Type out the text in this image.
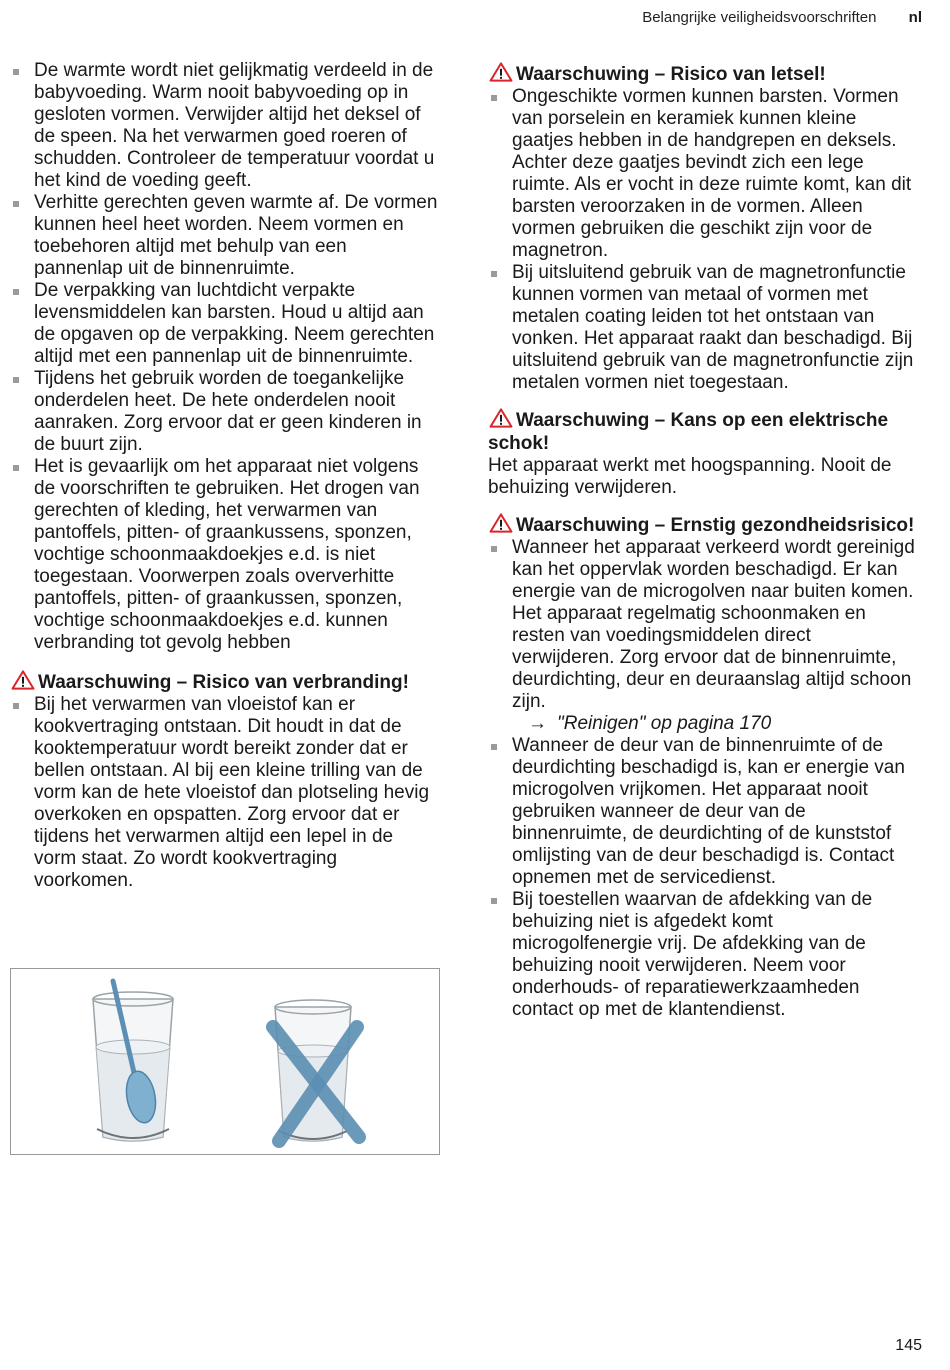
Belangrijke veiligheidsvoorschriften nl
De warmte wordt niet gelijkmatig verdeeld in de babyvoeding. Warm nooit babyvoeding op in gesloten vormen. Verwijder altijd het deksel of de speen. Na het verwarmen goed roeren of schudden. Controleer de temperatuur voordat u het kind de voeding geeft.
Verhitte gerechten geven warmte af. De vormen kunnen heel heet worden. Neem vormen en toebehoren altijd met behulp van een pannenlap uit de binnenruimte.
De verpakking van luchtdicht verpakte levensmiddelen kan barsten. Houd u altijd aan de opgaven op de verpakking. Neem gerechten altijd met een pannenlap uit de binnenruimte.
Tijdens het gebruik worden de toegankelijke onderdelen heet. De hete onderdelen nooit aanraken. Zorg ervoor dat er geen kinderen in de buurt zijn.
Het is gevaarlijk om het apparaat niet volgens de voorschriften te gebruiken. Het drogen van gerechten of kleding, het verwarmen van pantoffels, pitten- of graankussens, sponzen, vochtige schoonmaakdoekjes e.d. is niet toegestaan. Voorwerpen zoals oververhitte pantoffels, pitten- of graankussen, sponzen, vochtige schoonmaakdoekjes e.d. kunnen verbranding tot gevolg hebben
Waarschuwing – Risico van verbranding!
Bij het verwarmen van vloeistof kan er kookvertraging ontstaan. Dit houdt in dat de kooktemperatuur wordt bereikt zonder dat er bellen ontstaan. Al bij een kleine trilling van de vorm kan de hete vloeistof dan plotseling hevig overkoken en opspatten. Zorg ervoor dat er tijdens het verwarmen altijd een lepel in de vorm staat. Zo wordt kookvertraging voorkomen.
Waarschuwing – Risico van letsel!
Ongeschikte vormen kunnen barsten. Vormen van porselein en keramiek kunnen kleine gaatjes hebben in de handgrepen en deksels. Achter deze gaatjes bevindt zich een lege ruimte. Als er vocht in deze ruimte komt, kan dit barsten veroorzaken in de vormen. Alleen vormen gebruiken die geschikt zijn voor de magnetron.
Bij uitsluitend gebruik van de magnetronfunctie kunnen vormen van metaal of vormen met metalen coating leiden tot het ontstaan van vonken. Het apparaat raakt dan beschadigd. Bij uitsluitend gebruik van de magnetronfunctie zijn metalen vormen niet toegestaan.
Waarschuwing – Kans op een elektrische schok!
Het apparaat werkt met hoogspanning. Nooit de behuizing verwijderen.
Waarschuwing – Ernstig gezondheidsrisico!
Wanneer het apparaat verkeerd wordt gereinigd kan het oppervlak worden beschadigd. Er kan energie van de microgolven naar buiten komen. Het apparaat regelmatig schoonmaken en resten van voedingsmiddelen direct verwijderen. Zorg ervoor dat de binnenruimte, deurdichting, deur en deuraanslag altijd schoon zijn.
→ "Reinigen" op pagina 170
Wanneer de deur van de binnenruimte of de deurdichting beschadigd is, kan er energie van microgolven vrijkomen. Het apparaat nooit gebruiken wanneer de deur van de binnenruimte, de deurdichting of de kunststof omlijsting van de deur beschadigd is. Contact opnemen met de servicedienst.
Bij toestellen waarvan de afdekking van de behuizing niet is afgedekt komt microgolfenergie vrij. De afdekking van de behuizing nooit verwijderen. Neem voor onderhouds- of reparatiewerkzaamheden contact op met de klantendienst.
145
